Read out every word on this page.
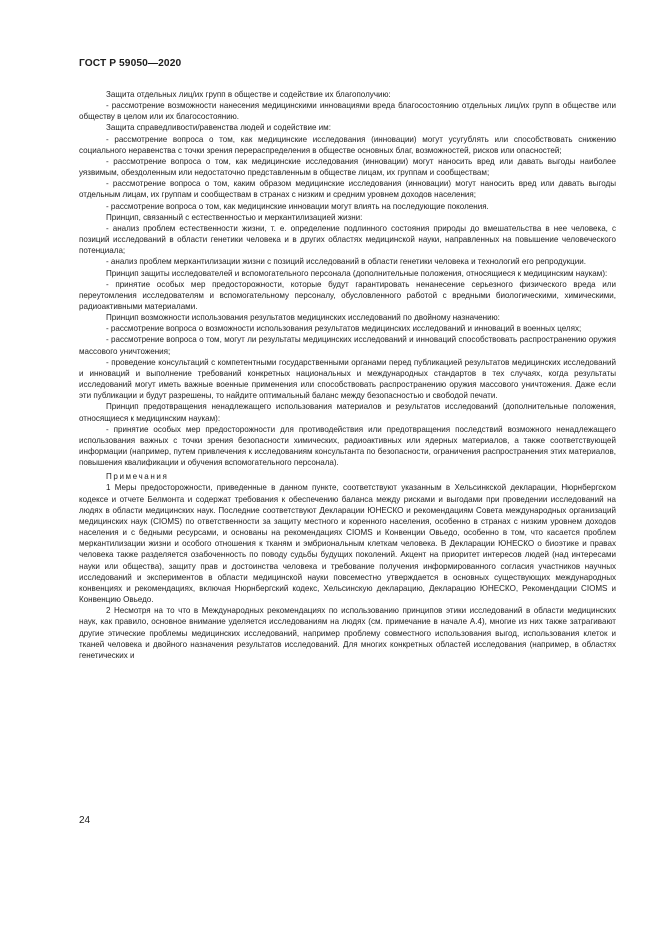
ГОСТ Р 59050—2020

Защита отдельных лиц/их групп в обществе и содействие их благополучию:

- рассмотрение возможности нанесения медицинскими инновациями вреда благосостоянию отдельных лиц/их групп в обществе или обществу в целом или их благосостоянию.

Защита справедливости/равенства людей и содействие им:

- рассмотрение вопроса о том, как медицинские исследования (инновации) могут усугублять или способствовать снижению социального неравенства с точки зрения перераспределения в обществе основных благ, возможностей, рисков или опасностей;

- рассмотрение вопроса о том, как медицинские исследования (инновации) могут наносить вред или давать выгоды наиболее уязвимым, обездоленным или недостаточно представленным в обществе лицам, их группам и сообществам;

- рассмотрение вопроса о том, каким образом медицинские исследования (инновации) могут наносить вред или давать выгоды отдельным лицам, их группам и сообществам в странах с низким и средним уровнем доходов населения;

- рассмотрение вопроса о том, как медицинские инновации могут влиять на последующие поколения.

Принцип, связанный с естественностью и меркантилизацией жизни:

- анализ проблем естественности жизни, т. е. определение подлинного состояния природы до вмешательства в нее человека, с позиций исследований в области генетики человека и в других областях медицинской науки, направленных на повышение человеческого потенциала;

- анализ проблем меркантилизации жизни с позиций исследований в области генетики человека и технологий его репродукции.

Принцип защиты исследователей и вспомогательного персонала (дополнительные положения, относящиеся к медицинским наукам):

- принятие особых мер предосторожности, которые будут гарантировать ненанесение серьезного физического вреда или переутомления исследователям и вспомогательному персоналу, обусловленного работой с вредными биологическими, химическими, радиоактивными материалами.

Принцип возможности использования результатов медицинских исследований по двойному назначению:

- рассмотрение вопроса о возможности использования результатов медицинских исследований и инноваций в военных целях;

- рассмотрение вопроса о том, могут ли результаты медицинских исследований и инноваций способствовать распространению оружия массового уничтожения;

- проведение консультаций с компетентными государственными органами перед публикацией результатов медицинских исследований и инноваций и выполнение требований конкретных национальных и международных стандартов в тех случаях, когда результаты исследований могут иметь важные военные применения или способствовать распространению оружия массового уничтожения. Даже если эти публикации и будут разрешены, то найдите оптимальный баланс между безопасностью и свободой печати.

Принцип предотвращения ненадлежащего использования материалов и результатов исследований (дополнительные положения, относящиеся к медицинским наукам):

- принятие особых мер предосторожности для противодействия или предотвращения последствий возможного ненадлежащего использования важных с точки зрения безопасности химических, радиоактивных или ядерных материалов, а также соответствующей информации (например, путем привлечения к исследованиям консультанта по безопасности, ограничения распространения этих материалов, повышения квалификации и обучения вспомогательного персонала).

Примечания

1 Меры предосторожности, приведенные в данном пункте, соответствуют указанным в Хельсинкской декларации, Нюрнбергском кодексе и отчете Белмонта и содержат требования к обеспечению баланса между рисками и выгодами при проведении исследований на людях в области медицинских наук. Последние соответствуют Декларации ЮНЕСКО и рекомендациям Совета международных организаций медицинских наук (CIOMS) по ответственности за защиту местного и коренного населения, особенно в странах с низким уровнем доходов населения и с бедными ресурсами, и основаны на рекомендациях CIOMS и Конвенции Овьедо, особенно в том, что касается проблем меркантилизации жизни и особого отношения к тканям и эмбриональным клеткам человека. В Декларации ЮНЕСКО о биоэтике и правах человека также разделяется озабоченность по поводу судьбы будущих поколений. Акцент на приоритет интересов людей (над интересами науки или общества), защиту прав и достоинства человека и требование получения информированного согласия участников научных исследований и экспериментов в области медицинской науки повсеместно утверждается в основных существующих международных конвенциях и рекомендациях, включая Нюрнбергский кодекс, Хельсинскую декларацию, Декларацию ЮНЕСКО, Рекомендации CIOMS и Конвенцию Овьедо.

2 Несмотря на то что в Международных рекомендациях по использованию принципов этики исследований в области медицинских наук, как правило, основное внимание уделяется исследованиям на людях (см. примечание в начале А.4), многие из них также затрагивают другие этические проблемы медицинских исследований, например проблему совместного использования выгод, использования клеток и тканей человека и двойного назначения результатов исследований. Для многих конкретных областей исследования (например, в областях генетических и

24
